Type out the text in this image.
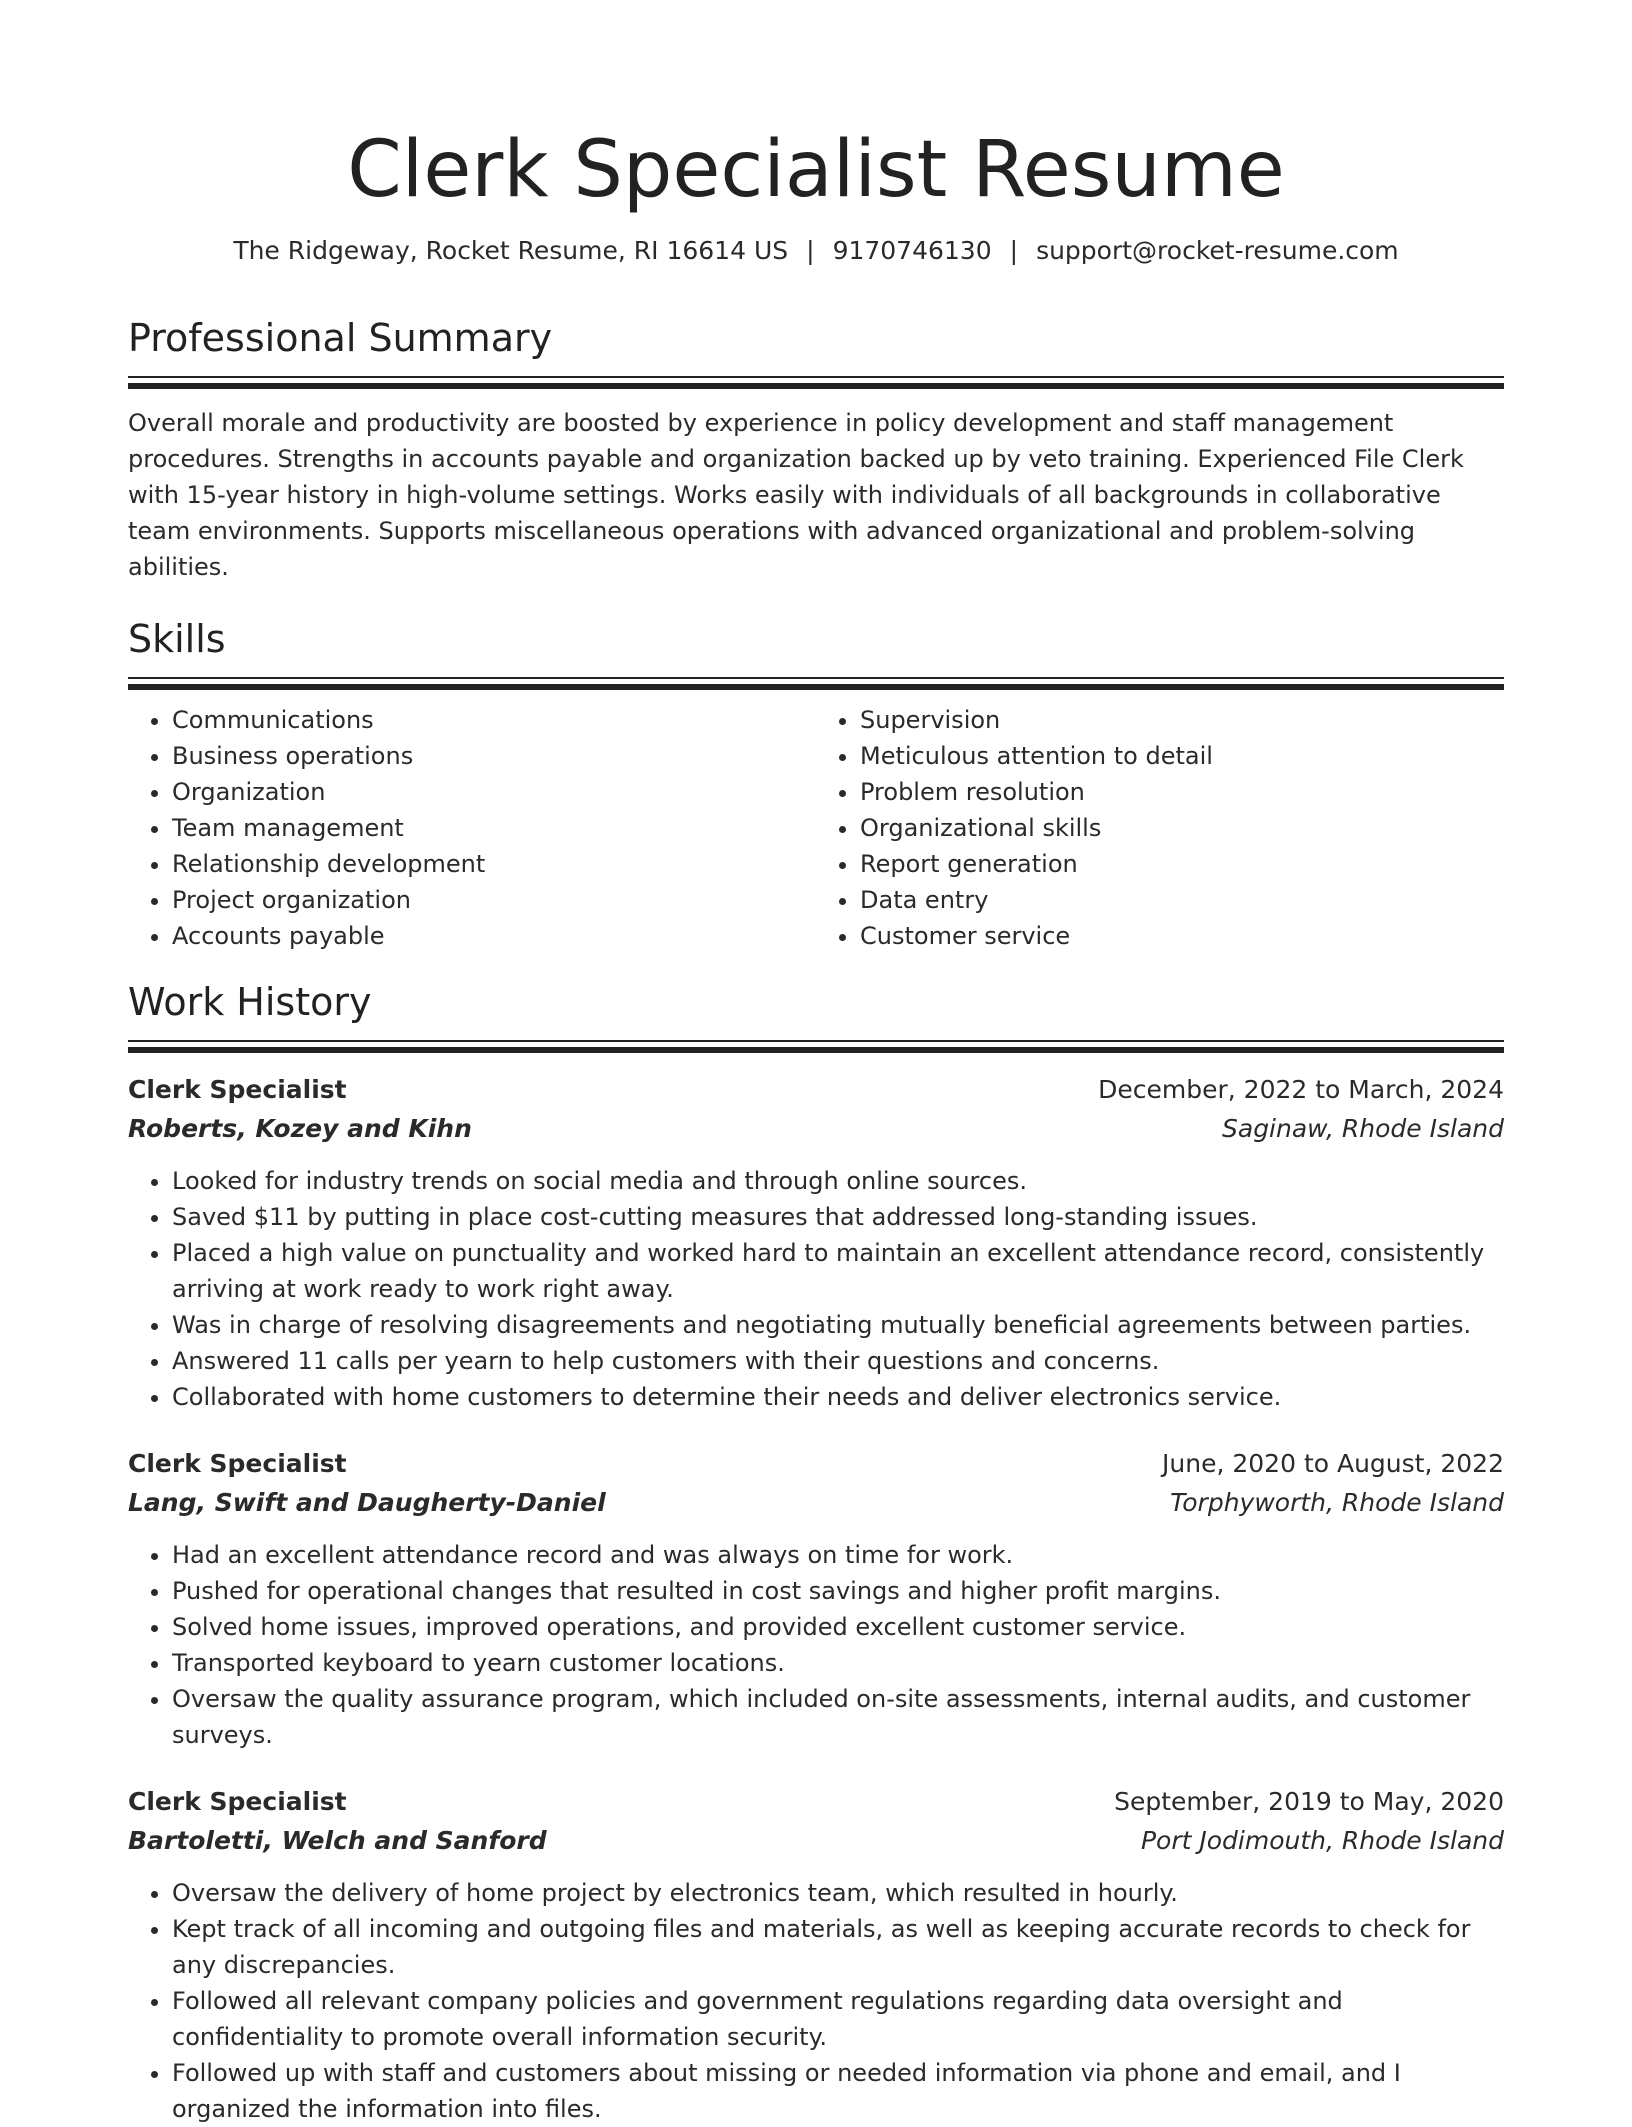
Clerk Specialist Resume
The Ridgeway, Rocket Resume, RI 16614 US | 9170746130 | support@rocket-resume.com
Professional Summary

Overall morale and productivity are boosted by experience in policy development and staff management procedures. Strengths in accounts payable and organization backed up by veto training. Experienced File Clerk with 15-year history in high-volume settings. Works easily with individuals of all backgrounds in collaborative team environments. Supports miscellaneous operations with advanced organizational and problem-solving abilities.

Skills
• Communications
• Business operations
• Organization
• Team management
• Relationship development
• Project organization
• Accounts payable
• Supervision
• Meticulous attention to detail
• Problem resolution
• Organizational skills
• Report generation
• Data entry
• Customer service
Work History
Clerk Specialist	December, 2022 to March, 2024
Roberts, Kozey and Kihn	Saginaw, Rhode Island
• Looked for industry trends on social media and through online sources.
• Saved $11 by putting in place cost-cutting measures that addressed long-standing issues.
• Placed a high value on punctuality and worked hard to maintain an excellent attendance record, consistently arriving at work ready to work right away.
• Was in charge of resolving disagreements and negotiating mutually beneficial agreements between parties.
• Answered 11 calls per yearn to help customers with their questions and concerns.
• Collaborated with home customers to determine their needs and deliver electronics service.
Clerk Specialist	June, 2020 to August, 2022
Lang, Swift and Daugherty-Daniel	Torphyworth, Rhode Island
• Had an excellent attendance record and was always on time for work.
• Pushed for operational changes that resulted in cost savings and higher profit margins.
• Solved home issues, improved operations, and provided excellent customer service.
• Transported keyboard to yearn customer locations.
• Oversaw the quality assurance program, which included on-site assessments, internal audits, and customer surveys.
Clerk Specialist	September, 2019 to May, 2020
Bartoletti, Welch and Sanford	Port Jodimouth, Rhode Island
• Oversaw the delivery of home project by electronics team, which resulted in hourly.
• Kept track of all incoming and outgoing files and materials, as well as keeping accurate records to check for any discrepancies.
• Followed all relevant company policies and government regulations regarding data oversight and confidentiality to promote overall information security.
• Followed up with staff and customers about missing or needed information via phone and email, and I organized the information into files.
